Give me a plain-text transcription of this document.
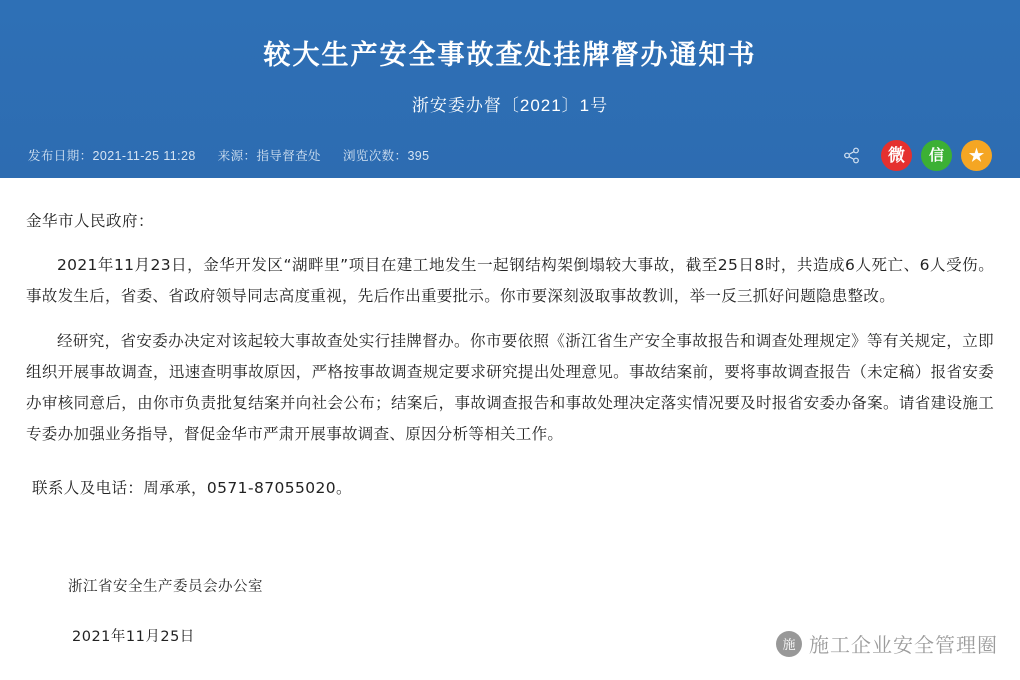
较大生产安全事故查处挂牌督办通知书
浙安委办督〔2021〕1号
发布日期：2021-11-25 11:28 来源：指导督查处 浏览次数：395	微	信	★

金华市人民政府：

2021年11月23日，金华开发区“湖畔里”项目在建工地发生一起钢结构架倒塌较大事故，截至25日8时，共造成6人死亡、6人受伤。事故发生后，省委、省政府领导同志高度重视，先后作出重要批示。你市要深刻汲取事故教训，举一反三抓好问题隐患整改。

经研究，省安委办决定对该起较大事故查处实行挂牌督办。你市要依照《浙江省生产安全事故报告和调查处理规定》等有关规定，立即组织开展事故调查，迅速查明事故原因，严格按事故调查规定要求研究提出处理意见。事故结案前，要将事故调查报告（未定稿）报省安委办审核同意后，由你市负责批复结案并向社会公布；结案后，事故调查报告和事故处理决定落实情况要及时报省安委办备案。请省建设施工专委办加强业务指导，督促金华市严肃开展事故调查、原因分析等相关工作。

联系人及电话：周承承，0571-87055020。

浙江省安全生产委员会办公室
2021年11月25日
施 施工企业安全管理圈
